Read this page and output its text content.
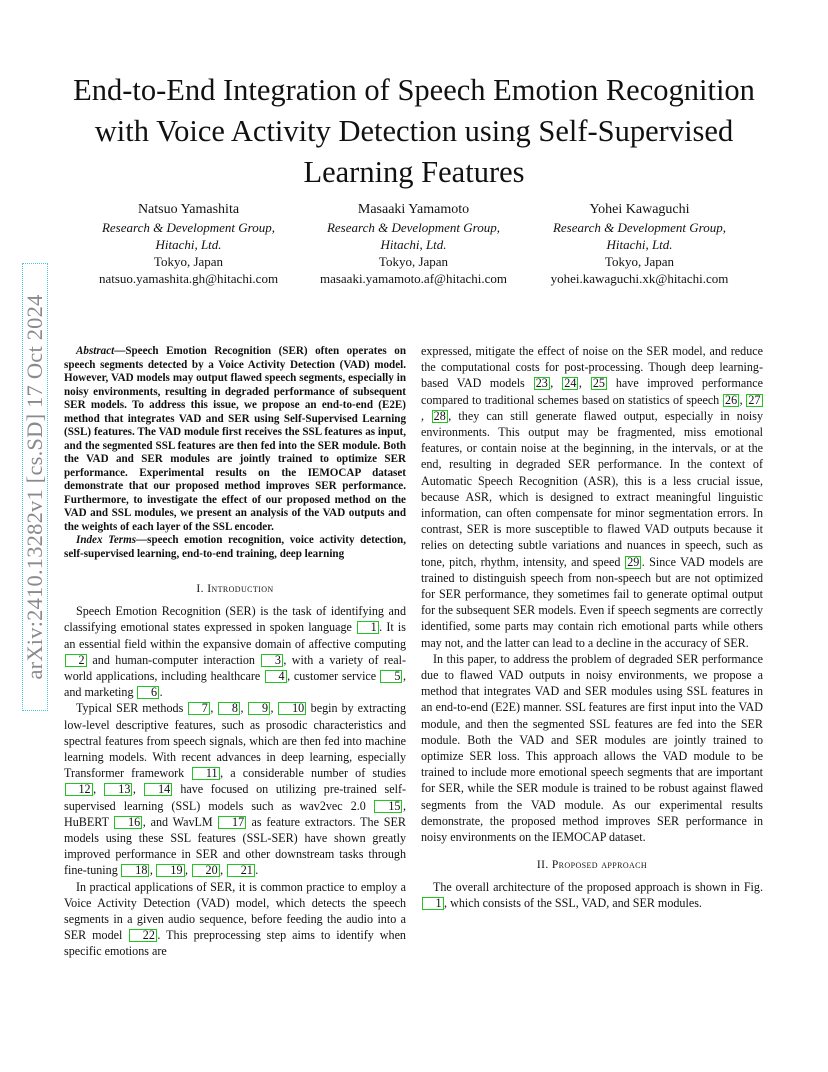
arXiv:2410.13282v1 [cs.SD] 17 Oct 2024
End-to-End Integration of Speech Emotion Recognition with Voice Activity Detection using Self-Supervised Learning Features
Natsuo Yamashita
Research & Development Group,
Hitachi, Ltd.
Tokyo, Japan
natsuo.yamashita.gh@hitachi.com
Masaaki Yamamoto
Research & Development Group,
Hitachi, Ltd.
Tokyo, Japan
masaaki.yamamoto.af@hitachi.com
Yohei Kawaguchi
Research & Development Group,
Hitachi, Ltd.
Tokyo, Japan
yohei.kawaguchi.xk@hitachi.com

Abstract—Speech Emotion Recognition (SER) often operates on speech segments detected by a Voice Activity Detection (VAD) model. However, VAD models may output flawed speech segments, especially in noisy environments, resulting in degraded performance of subsequent SER models. To address this issue, we propose an end-to-end (E2E) method that integrates VAD and SER using Self-Supervised Learning (SSL) features. The VAD module first receives the SSL features as input, and the segmented SSL features are then fed into the SER module. Both the VAD and SER modules are jointly trained to optimize SER performance. Experimental results on the IEMOCAP dataset demonstrate that our proposed method improves SER performance. Furthermore, to investigate the effect of our proposed method on the VAD and SSL modules, we present an analysis of the VAD outputs and the weights of each layer of the SSL encoder.

Index Terms—speech emotion recognition, voice activity detection, self-supervised learning, end-to-end training, deep learning

I. Introduction

Speech Emotion Recognition (SER) is the task of identifying and classifying emotional states expressed in spoken language 1 . It is an essential field within the expansive domain of affective computing 2 and human-computer interaction 3 , with a variety of real-world applications, including healthcare 4 , customer service 5 , and marketing 6 .

Typical SER methods 7 , 8 , 9 , 10 begin by extracting low-level descriptive features, such as prosodic characteristics and spectral features from speech signals, which are then fed into machine learning models. With recent advances in deep learning, especially Transformer framework 11 , a considerable number of studies 12 , 13 , 14 have focused on utilizing pre-trained self-supervised learning (SSL) models such as wav2vec 2.0 15 , HuBERT 16 , and WavLM 17 as feature extractors. The SER models using these SSL features (SSL-SER) have shown greatly improved performance in SER and other downstream tasks through fine-tuning 18 , 19 , 20 , 21 .

In practical applications of SER, it is common practice to employ a Voice Activity Detection (VAD) model, which detects the speech segments in a given audio sequence, before feeding the audio into a SER model 22 . This preprocessing step aims to identify when specific emotions are

expressed, mitigate the effect of noise on the SER model, and reduce the computational costs for post-processing. Though deep learning-based VAD models 23 , 24 , 25 have improved performance compared to traditional schemes based on statistics of speech 26 , 27, 28 , they can still generate flawed output, especially in noisy environments. This output may be fragmented, miss emotional features, or contain noise at the beginning, in the intervals, or at the end, resulting in degraded SER performance. In the context of Automatic Speech Recognition (ASR), this is a less crucial issue, because ASR, which is designed to extract meaningful linguistic information, can often compensate for minor segmentation errors. In contrast, SER is more susceptible to flawed VAD outputs because it relies on detecting subtle variations and nuances in speech, such as tone, pitch, rhythm, intensity, and speed 29 . Since VAD models are trained to distinguish speech from non-speech but are not optimized for SER performance, they sometimes fail to generate optimal output for the subsequent SER models. Even if speech segments are correctly identified, some parts may contain rich emotional parts while others may not, and the latter can lead to a decline in the accuracy of SER.

In this paper, to address the problem of degraded SER performance due to flawed VAD outputs in noisy environments, we propose a method that integrates VAD and SER modules using SSL features in an end-to-end (E2E) manner. SSL features are first input into the VAD module, and then the segmented SSL features are fed into the SER module. Both the VAD and SER modules are jointly trained to optimize SER loss. This approach allows the VAD module to be trained to include more emotional speech segments that are important for SER, while the SER module is trained to be robust against flawed segments from the VAD module. As our experimental results demonstrate, the proposed method improves SER performance in noisy environments on the IEMOCAP dataset.

II. Proposed approach

The overall architecture of the proposed approach is shown in Fig. 1 , which consists of the SSL, VAD, and SER modules.
